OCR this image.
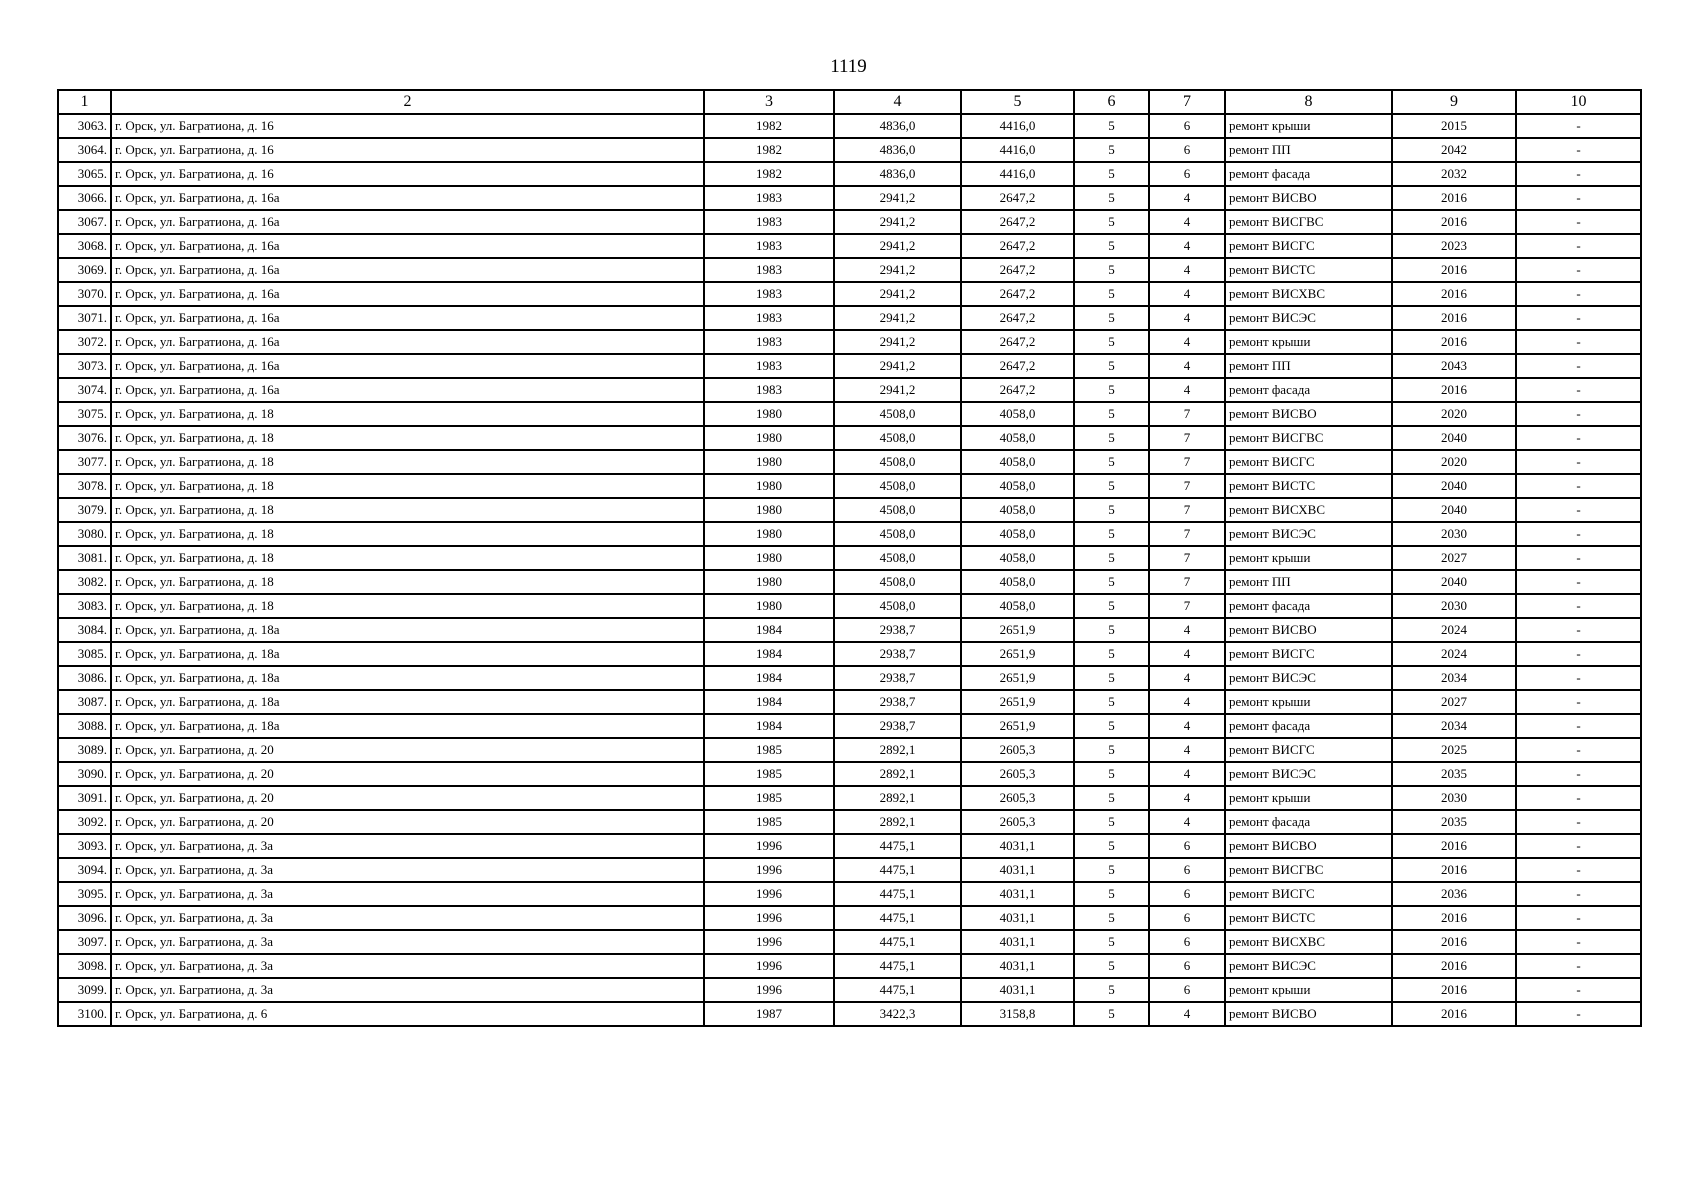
1119
1	2	3	4	5	6	7	8	9	10
3063.	г. Орск, ул. Багратиона, д. 16	1982	4836,0	4416,0	5	6	ремонт крыши	2015	-
3064.	г. Орск, ул. Багратиона, д. 16	1982	4836,0	4416,0	5	6	ремонт ПП	2042	-
3065.	г. Орск, ул. Багратиона, д. 16	1982	4836,0	4416,0	5	6	ремонт фасада	2032	-
3066.	г. Орск, ул. Багратиона, д. 16а	1983	2941,2	2647,2	5	4	ремонт ВИСВО	2016	-
3067.	г. Орск, ул. Багратиона, д. 16а	1983	2941,2	2647,2	5	4	ремонт ВИСГВС	2016	-
3068.	г. Орск, ул. Багратиона, д. 16а	1983	2941,2	2647,2	5	4	ремонт ВИСГС	2023	-
3069.	г. Орск, ул. Багратиона, д. 16а	1983	2941,2	2647,2	5	4	ремонт ВИСТС	2016	-
3070.	г. Орск, ул. Багратиона, д. 16а	1983	2941,2	2647,2	5	4	ремонт ВИСХВС	2016	-
3071.	г. Орск, ул. Багратиона, д. 16а	1983	2941,2	2647,2	5	4	ремонт ВИСЭС	2016	-
3072.	г. Орск, ул. Багратиона, д. 16а	1983	2941,2	2647,2	5	4	ремонт крыши	2016	-
3073.	г. Орск, ул. Багратиона, д. 16а	1983	2941,2	2647,2	5	4	ремонт ПП	2043	-
3074.	г. Орск, ул. Багратиона, д. 16а	1983	2941,2	2647,2	5	4	ремонт фасада	2016	-
3075.	г. Орск, ул. Багратиона, д. 18	1980	4508,0	4058,0	5	7	ремонт ВИСВО	2020	-
3076.	г. Орск, ул. Багратиона, д. 18	1980	4508,0	4058,0	5	7	ремонт ВИСГВС	2040	-
3077.	г. Орск, ул. Багратиона, д. 18	1980	4508,0	4058,0	5	7	ремонт ВИСГС	2020	-
3078.	г. Орск, ул. Багратиона, д. 18	1980	4508,0	4058,0	5	7	ремонт ВИСТС	2040	-
3079.	г. Орск, ул. Багратиона, д. 18	1980	4508,0	4058,0	5	7	ремонт ВИСХВС	2040	-
3080.	г. Орск, ул. Багратиона, д. 18	1980	4508,0	4058,0	5	7	ремонт ВИСЭС	2030	-
3081.	г. Орск, ул. Багратиона, д. 18	1980	4508,0	4058,0	5	7	ремонт крыши	2027	-
3082.	г. Орск, ул. Багратиона, д. 18	1980	4508,0	4058,0	5	7	ремонт ПП	2040	-
3083.	г. Орск, ул. Багратиона, д. 18	1980	4508,0	4058,0	5	7	ремонт фасада	2030	-
3084.	г. Орск, ул. Багратиона, д. 18а	1984	2938,7	2651,9	5	4	ремонт ВИСВО	2024	-
3085.	г. Орск, ул. Багратиона, д. 18а	1984	2938,7	2651,9	5	4	ремонт ВИСГС	2024	-
3086.	г. Орск, ул. Багратиона, д. 18а	1984	2938,7	2651,9	5	4	ремонт ВИСЭС	2034	-
3087.	г. Орск, ул. Багратиона, д. 18а	1984	2938,7	2651,9	5	4	ремонт крыши	2027	-
3088.	г. Орск, ул. Багратиона, д. 18а	1984	2938,7	2651,9	5	4	ремонт фасада	2034	-
3089.	г. Орск, ул. Багратиона, д. 20	1985	2892,1	2605,3	5	4	ремонт ВИСГС	2025	-
3090.	г. Орск, ул. Багратиона, д. 20	1985	2892,1	2605,3	5	4	ремонт ВИСЭС	2035	-
3091.	г. Орск, ул. Багратиона, д. 20	1985	2892,1	2605,3	5	4	ремонт крыши	2030	-
3092.	г. Орск, ул. Багратиона, д. 20	1985	2892,1	2605,3	5	4	ремонт фасада	2035	-
3093.	г. Орск, ул. Багратиона, д. 3а	1996	4475,1	4031,1	5	6	ремонт ВИСВО	2016	-
3094.	г. Орск, ул. Багратиона, д. 3а	1996	4475,1	4031,1	5	6	ремонт ВИСГВС	2016	-
3095.	г. Орск, ул. Багратиона, д. 3а	1996	4475,1	4031,1	5	6	ремонт ВИСГС	2036	-
3096.	г. Орск, ул. Багратиона, д. 3а	1996	4475,1	4031,1	5	6	ремонт ВИСТС	2016	-
3097.	г. Орск, ул. Багратиона, д. 3а	1996	4475,1	4031,1	5	6	ремонт ВИСХВС	2016	-
3098.	г. Орск, ул. Багратиона, д. 3а	1996	4475,1	4031,1	5	6	ремонт ВИСЭС	2016	-
3099.	г. Орск, ул. Багратиона, д. 3а	1996	4475,1	4031,1	5	6	ремонт крыши	2016	-
3100.	г. Орск, ул. Багратиона, д. 6	1987	3422,3	3158,8	5	4	ремонт ВИСВО	2016	-
